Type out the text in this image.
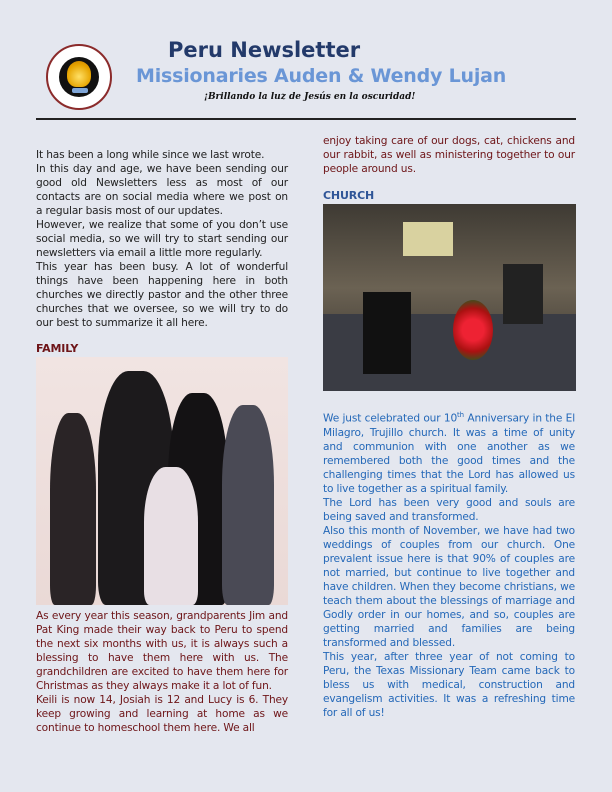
Peru Newsletter
Missionaries Auden & Wendy Lujan
¡Brillando la luz de Jesús en la oscuridad!

It has been a long while since we last wrote.

In this day and age, we have been sending our good old Newsletters less as most of our contacts are on social media where we post on a regular basis most of our updates.

However, we realize that some of you don’t use social media, so we will try to start sending our newsletters via email a little more regularly.

This year has been busy. A lot of wonderful things have been happening here in both churches we directly pastor and the other three churches that we oversee, so we will try to do our best to summarize it all here.

FAMILY

As every year this season, grandparents Jim and Pat King made their way back to Peru to spend the next six months with us, it is always such a blessing to have them here with us. The grandchildren are excited to have them here for Christmas as they always make it a lot of fun.

Keili is now 14, Josiah is 12 and Lucy is 6. They keep growing and learning at home as we continue to homeschool them here. We all

enjoy taking care of our dogs, cat, chickens and our rabbit, as well as ministering together to our people around us.

CHURCH

We just celebrated our 10th Anniversary in the El Milagro, Trujillo church. It was a time of unity and communion with one another as we remembered both the good times and the challenging times that the Lord has allowed us to live together as a spiritual family.

The Lord has been very good and souls are being saved and transformed.

Also this month of November, we have had two weddings of couples from our church. One prevalent issue here is that 90% of couples are not married, but continue to live together and have children. When they become christians, we teach them about the blessings of marriage and Godly order in our homes, and so, couples are getting married and families are being transformed and blessed.

This year, after three year of not coming to Peru, the Texas Missionary Team came back to bless us with medical, construction and evangelism activities. It was a refreshing time for all of us!
